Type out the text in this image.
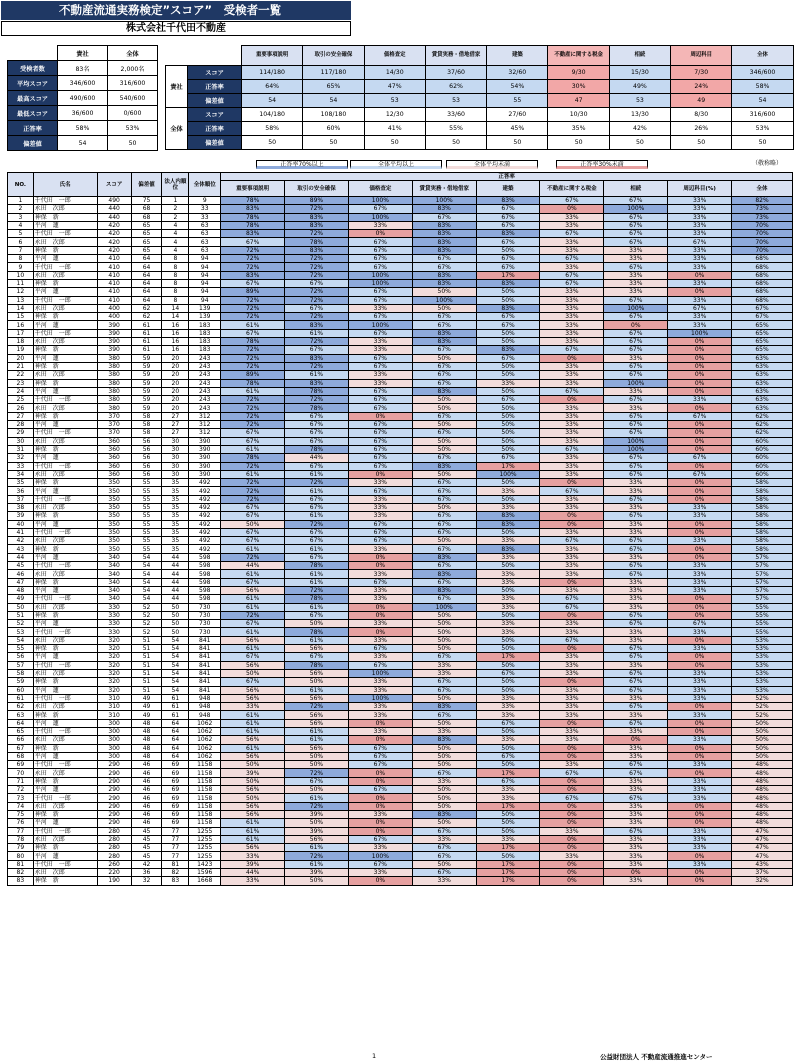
不動産流通実務検定”スコア”　受検者一覧
株式会社千代田不動産
	貴社	全体
受検者数	83名	2,000名
平均スコア	346/600	316/600
最高スコア	490/600	540/600
最低スコア	36/600	0/600
正答率	58%	53%
偏差値	54	50
		重要事項説明	取引の安全確保	価格査定	賃貸実務・借地借家	建築	不動産に関する税金	相続	周辺科目	全体
貴社	スコア	114/180	117/180	14/30	37/60	32/60	9/30	15/30	7/30	346/600
	正答率	64%	65%	47%	62%	54%	30%	49%	24%	58%
	偏差値	54	54	53	53	55	47	53	49	54
全体	スコア	104/180	108/180	12/30	33/60	27/60	10/30	13/30	8/30	316/600
	正答率	58%	60%	41%	55%	45%	35%	42%	26%	53%
	偏差値	50	50	50	50	50	50	50	50	50
正答率70%以上	全体平均以上	全体平均未満	正答率30%未満	（敬称略）
NO.	氏名	スコア	偏差値	法人内順位	全体順位	正答率								
						重要事項説明	取引の安全確保	価格査定	賃貸実務・借地借家	建築	不動産に関する税金	相続	周辺科目(%)	全体
1	千代田　一郎	490	75	1	9	78%	89%	100%	100%	83%	67%	67%	33%	82%
2	永田　次郎	440	68	2	33	83%	72%	67%	83%	67%	0%	100%	33%	73%
3	神保　新	440	68	2	33	78%	83%	100%	67%	67%	33%	67%	33%	73%
4	平河　蓮	420	65	4	63	78%	83%	33%	83%	67%	33%	67%	33%	70%
5	千代田　一郎	420	65	4	63	83%	72%	0%	83%	83%	67%	67%	33%	70%
6	永田　次郎	420	65	4	63	67%	78%	67%	83%	67%	33%	67%	67%	70%
7	神保　新	420	65	4	63	72%	83%	67%	83%	50%	33%	33%	33%	70%
8	平河　蓮	410	64	8	94	72%	72%	67%	67%	67%	67%	33%	33%	68%
9	千代田　一郎	410	64	8	94	72%	72%	67%	67%	67%	33%	67%	33%	68%
10	永田　次郎	410	64	8	94	83%	72%	100%	83%	17%	67%	33%	0%	68%
11	神保　新	410	64	8	94	67%	67%	100%	83%	83%	67%	33%	33%	68%
12	平河　蓮	410	64	8	94	89%	72%	67%	50%	50%	33%	33%	0%	68%
13	千代田　一郎	410	64	8	94	72%	72%	67%	100%	50%	33%	67%	33%	68%
14	永田　次郎	400	62	14	139	72%	67%	33%	50%	83%	33%	100%	67%	67%
15	神保　新	400	62	14	139	72%	72%	67%	67%	67%	33%	67%	33%	67%
16	平河　蓮	390	61	16	183	61%	83%	100%	67%	67%	33%	0%	33%	65%
17	千代田　一郎	390	61	16	183	67%	61%	67%	83%	50%	33%	67%	100%	65%
18	永田　次郎	390	61	16	183	78%	72%	33%	83%	50%	33%	67%	0%	65%
19	神保　新	390	61	16	183	72%	67%	33%	67%	83%	67%	67%	0%	65%
20	平河　蓮	380	59	20	243	72%	83%	67%	50%	67%	0%	33%	0%	63%
21	神保　新	380	59	20	243	72%	72%	67%	67%	50%	33%	67%	0%	63%
22	永田　次郎	380	59	20	243	89%	61%	33%	67%	50%	33%	67%	0%	63%
23	神保　新	380	59	20	243	78%	83%	33%	67%	33%	33%	100%	0%	63%
24	平河　蓮	380	59	20	243	61%	78%	67%	83%	50%	67%	33%	0%	63%
25	千代田　一郎	380	59	20	243	72%	72%	67%	50%	67%	0%	67%	33%	63%
26	永田　次郎	380	59	20	243	72%	78%	67%	50%	50%	33%	33%	0%	63%
27	神保　新	370	58	27	312	72%	67%	0%	67%	50%	33%	67%	67%	62%
28	平河　蓮	370	58	27	312	72%	67%	67%	50%	50%	33%	67%	0%	62%
29	千代田　一郎	370	58	27	312	67%	67%	67%	67%	50%	33%	67%	0%	62%
30	永田　次郎	360	56	30	390	67%	67%	67%	50%	50%	33%	100%	0%	60%
31	神保　新	360	56	30	390	61%	78%	67%	50%	50%	67%	100%	0%	60%
32	平河　蓮	360	56	30	390	78%	44%	67%	67%	67%	33%	67%	67%	60%
33	千代田　一郎	360	56	30	390	72%	67%	67%	83%	17%	33%	67%	0%	60%
34	永田　次郎	360	56	30	390	61%	61%	0%	50%	100%	33%	67%	67%	60%
35	神保　新	350	55	35	492	72%	72%	33%	67%	50%	0%	33%	0%	58%
36	平河　蓮	350	55	35	492	72%	61%	67%	67%	33%	67%	33%	0%	58%
37	千代田　一郎	350	55	35	492	72%	67%	33%	67%	50%	33%	67%	0%	58%
38	永田　次郎	350	55	35	492	67%	67%	33%	50%	33%	33%	33%	33%	58%
39	神保　新	350	55	35	492	67%	61%	33%	67%	83%	0%	67%	33%	58%
40	平河　蓮	350	55	35	492	50%	72%	67%	67%	83%	0%	33%	0%	58%
41	千代田　一郎	350	55	35	492	67%	67%	67%	67%	50%	33%	33%	0%	58%
42	永田　次郎	350	55	35	492	67%	67%	67%	50%	33%	67%	67%	33%	58%
43	神保　新	350	55	35	492	61%	61%	33%	67%	83%	33%	67%	0%	58%
44	平河　蓮	340	54	44	598	72%	67%	0%	83%	33%	33%	33%	0%	57%
45	千代田　一郎	340	54	44	598	44%	78%	0%	67%	50%	33%	67%	33%	57%
46	永田　次郎	340	54	44	598	61%	61%	33%	83%	33%	33%	67%	33%	57%
47	神保　新	340	54	44	598	67%	61%	67%	67%	33%	0%	33%	33%	57%
48	平河　蓮	340	54	44	598	56%	72%	33%	83%	50%	33%	33%	33%	57%
49	千代田　一郎	340	54	44	598	61%	78%	33%	67%	33%	67%	33%	0%	57%
50	永田　次郎	330	52	50	730	61%	61%	0%	100%	33%	67%	33%	0%	55%
51	神保　新	330	52	50	730	72%	67%	0%	50%	50%	0%	67%	0%	55%
52	平河　蓮	330	52	50	730	67%	50%	33%	50%	33%	33%	67%	67%	55%
53	千代田　一郎	330	52	50	730	61%	78%	0%	50%	33%	33%	33%	33%	55%
54	永田　次郎	320	51	54	841	56%	61%	33%	50%	50%	67%	33%	0%	53%
55	神保　新	320	51	54	841	61%	56%	67%	50%	50%	0%	67%	33%	53%
56	平河　蓮	320	51	54	841	67%	67%	33%	67%	17%	33%	67%	0%	53%
57	千代田　一郎	320	51	54	841	56%	78%	67%	33%	50%	33%	33%	0%	53%
58	永田　次郎	320	51	54	841	50%	56%	100%	33%	67%	33%	67%	33%	53%
59	神保　新	320	51	54	841	67%	50%	33%	67%	50%	0%	67%	33%	53%
60	平河　蓮	320	51	54	841	56%	61%	33%	67%	50%	33%	67%	33%	53%
61	千代田　一郎	310	49	61	948	56%	56%	100%	50%	33%	33%	33%	33%	52%
62	永田　次郎	310	49	61	948	33%	72%	33%	83%	33%	33%	67%	0%	52%
63	神保　新	310	49	61	948	61%	56%	33%	67%	33%	33%	33%	33%	52%
64	平河　蓮	300	48	64	1062	61%	56%	0%	50%	67%	0%	67%	0%	50%
65	千代田　一郎	300	48	64	1062	61%	61%	33%	33%	50%	33%	33%	0%	50%
66	永田　次郎	300	48	64	1062	56%	61%	0%	83%	33%	33%	0%	33%	50%
67	神保　新	300	48	64	1062	61%	56%	67%	50%	50%	0%	33%	0%	50%
68	平河　蓮	300	48	64	1062	56%	50%	67%	50%	67%	0%	33%	0%	50%
69	千代田　一郎	290	46	69	1158	50%	50%	67%	50%	50%	33%	67%	33%	48%
70	永田　次郎	290	46	69	1158	39%	72%	0%	67%	17%	67%	67%	0%	48%
71	神保　新	290	46	69	1158	50%	67%	0%	33%	67%	0%	33%	33%	48%
72	平河　蓮	290	46	69	1158	56%	50%	67%	50%	33%	0%	33%	33%	48%
73	千代田　一郎	290	46	69	1158	50%	61%	0%	50%	33%	67%	67%	33%	48%
74	永田　次郎	290	46	69	1158	56%	72%	0%	50%	17%	0%	33%	0%	48%
75	神保　新	290	46	69	1158	56%	39%	33%	83%	50%	0%	33%	0%	48%
76	平河　蓮	290	46	69	1158	61%	50%	0%	50%	50%	0%	33%	0%	48%
77	千代田　一郎	280	45	77	1255	61%	39%	0%	67%	50%	33%	67%	33%	47%
78	永田　次郎	280	45	77	1255	61%	56%	67%	33%	33%	0%	33%	33%	47%
79	神保　新	280	45	77	1255	56%	61%	33%	67%	17%	0%	33%	33%	47%
80	平河　蓮	280	45	77	1255	33%	72%	100%	67%	50%	33%	33%	0%	47%
81	千代田　一郎	260	42	81	1423	39%	61%	67%	50%	17%	0%	33%	33%	43%
82	永田　次郎	220	36	82	1596	44%	39%	33%	67%	17%	0%	0%	0%	37%
83	神保　新	190	32	83	1668	33%	50%	0%	33%	17%	0%	33%	0%	32%
1	公益財団法人 不動産流通推進センター
